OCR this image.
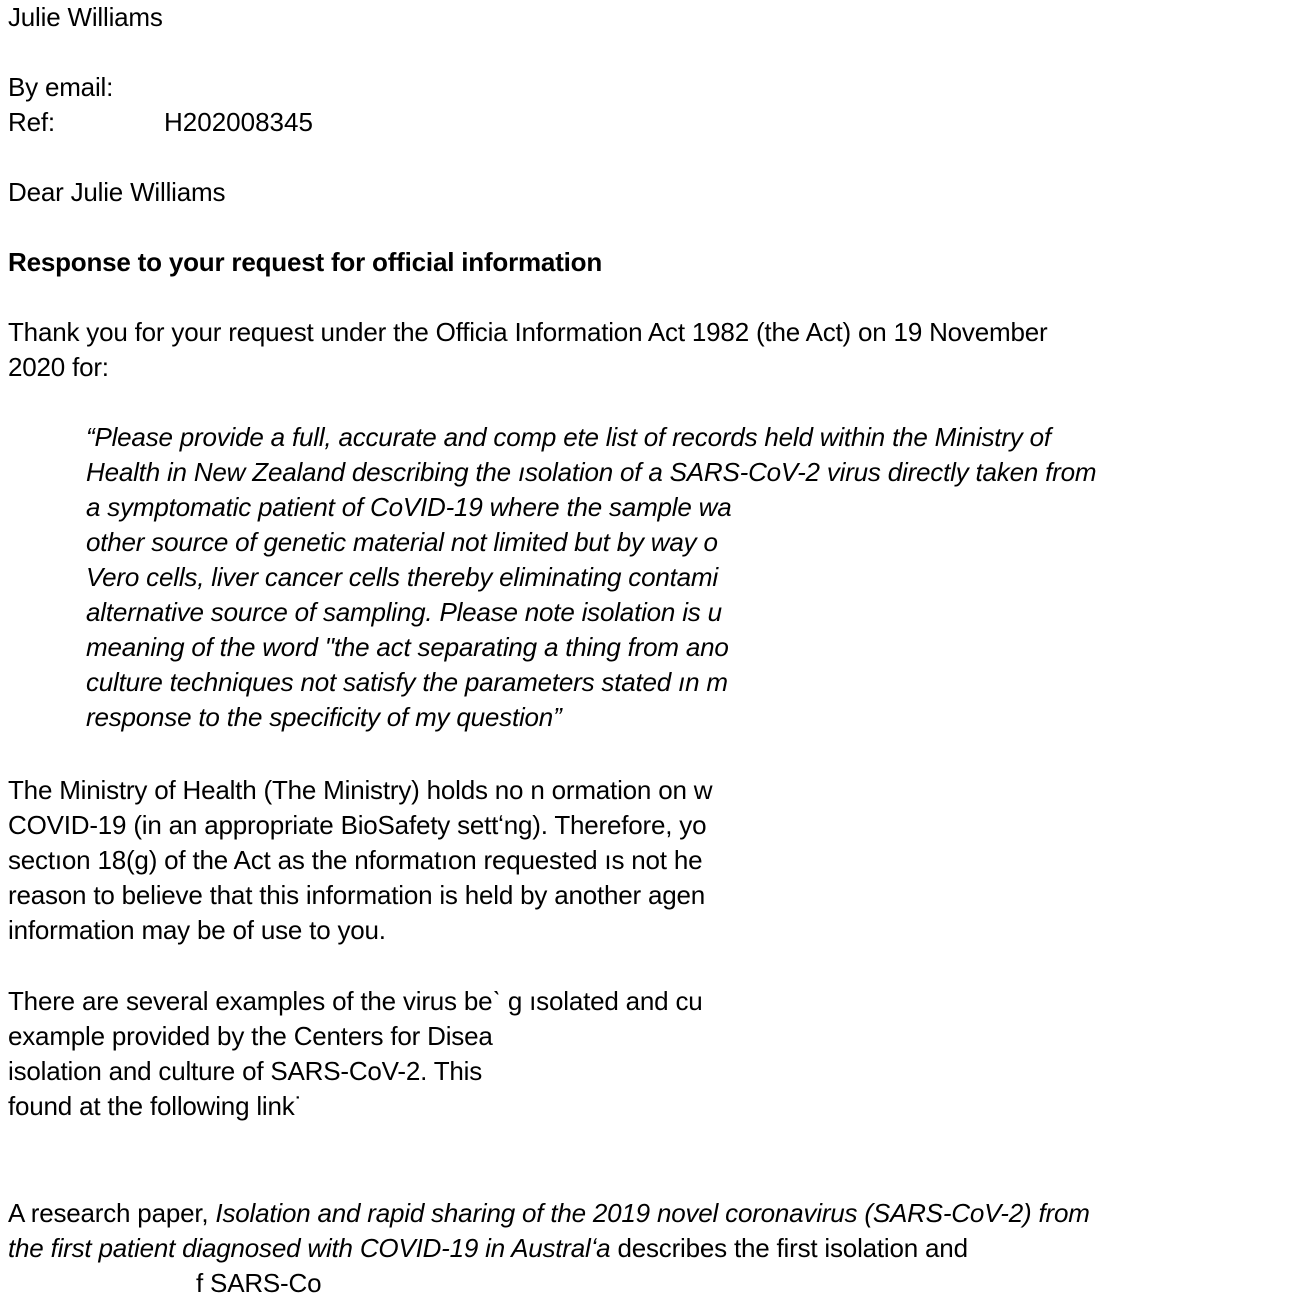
Julie Williams
By email:
Ref:	H202008345
Dear Julie Williams
Response to your request for official information
Thank you for your request under the Officia Information Act 1982 (the Act) on 19 November
2020 for:
“Please provide a full, accurate and comp ete list of records held within the Ministry of
Health in New Zealand describing the ısolation of a SARS-CoV-2 virus directly taken from
a symptomatic patient of CoVID-19 where the sample wa
other source of genetic material not limited but by way o
Vero cells, liver cancer cells thereby eliminating contami
alternative source of sampling. Please note isolation is u
meaning of the word "the act separating a thing from ano
culture techniques not satisfy the parameters stated ın m
response to the specificity of my question”
The Ministry of Health (The Ministry) holds no n ormation on w
COVID-19 (in an appropriate BioSafety settʻng). Therefore, yo
sectıon 18(g) of the Act as the nformatıon requested ıs not he
reason to believe that this information is held by another agen
information may be of use to you.
There are several examples of the virus beˋ g ısolated and cu
example provided by the Centers for Disea
isolation and culture of SARS-CoV-2. This
found at the following link˙
A research paper, Isolation and rapid sharing of the 2019 novel coronavirus (SARS-CoV-2) from
the first patient diagnosed with COVID-19 in Australʻa describes the first isolation and
f SARS-Co
